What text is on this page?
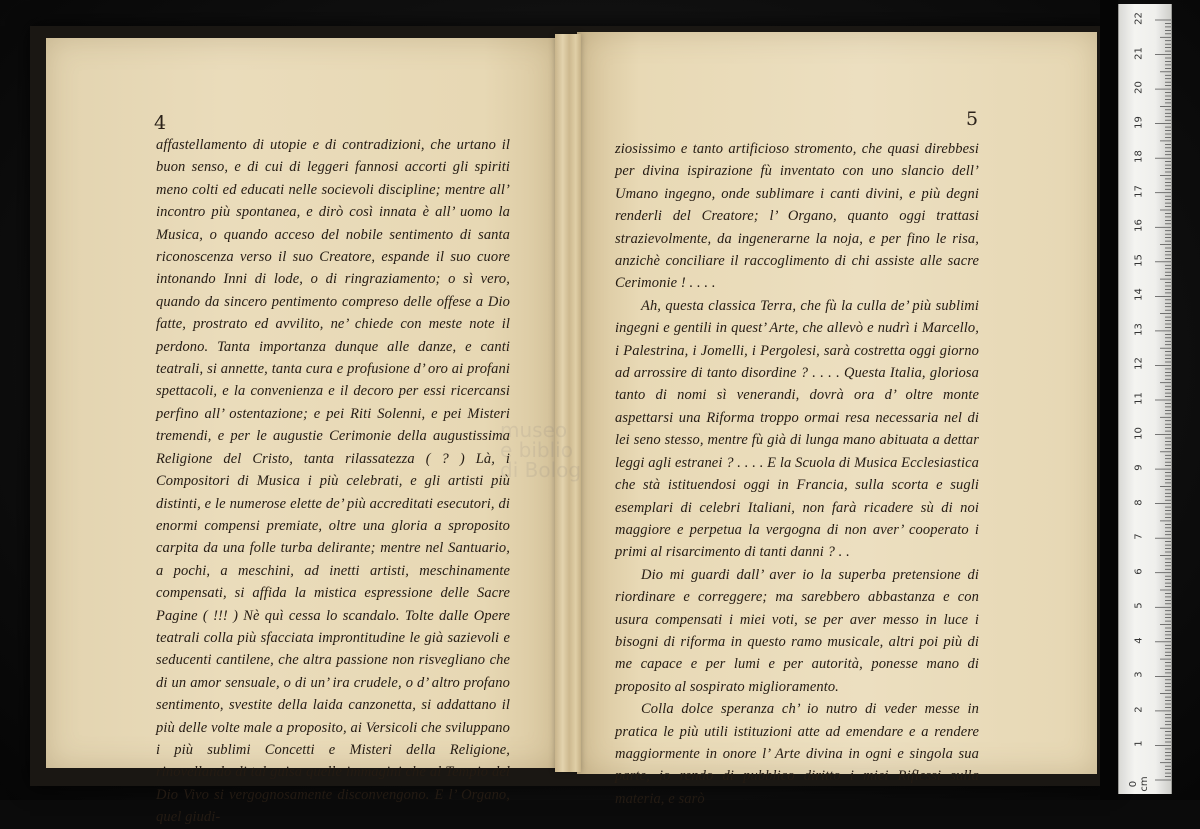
4	5

affastellamento di utopie e di contradizioni, che urtano il buon senso, e di cui di leggeri fannosi accorti gli spiriti meno colti ed educati nelle socievoli discipline; mentre all’ incontro più spontanea, e dirò così innata è all’ uomo la Musica, o quando acceso del nobile sentimento di santa riconoscenza verso il suo Creatore, espande il suo cuore intonando Inni di lode, o di ringraziamento; o sì vero, quando da sincero pentimento compreso delle offese a Dio fatte, prostrato ed avvilito, ne’ chiede con meste note il perdono. Tanta importanza dunque alle danze, e canti teatrali, si annette, tanta cura e profusione d’ oro ai profani spettacoli, e la convenienza e il decoro per essi ricercansi perfino all’ ostentazione; e pei Riti Solenni, e pei Misteri tremendi, e per le augustie Cerimonie della augustissima Religione del Cristo, tanta rilassatezza ( ? ) Là, i Compositori di Musica i più celebrati, e gli artisti più distinti, e le numerose elette de’ più accreditati esecutori, di enormi compensi premiate, oltre una gloria a sproposito carpita da una folle turba delirante; mentre nel Santuario, a pochi, a meschini, ad inetti artisti, meschinamente compensati, si affida la mistica espressione delle Sacre Pagine ( !!! ) Nè quì cessa lo scandalo. Tolte dalle Opere teatrali colla più sfacciata improntitudine le già sazievoli e seducenti cantilene, che altra passione non risvegliano che di un amor sensuale, o di un’ ira crudele, o d’ altro profano sentimento, svestite della laida canzonetta, si addattano il più delle volte male a proposito, ai Versicoli che sviluppano i più sublimi Concetti e Misteri della Religione, rinovellando di tal guisa quelle immagini che al Tempio del Dio Vivo si vergognosamente disconvengono. E l’ Organo, quel giudi-

ziosissimo e tanto artificioso stromento, che quasi direbbesi per divina ispirazione fù inventato con uno slancio dell’ Umano ingegno, onde sublimare i canti divini, e più degni renderli del Creatore; l’ Organo, quanto oggi trattasi strazievolmente, da ingenerarne la noja, e per fino le risa, anzichè conciliare il raccoglimento di chi assiste alle sacre Cerimonie ! . . . .

Ah, questa classica Terra, che fù la culla de’ più sublimi ingegni e gentili in quest’ Arte, che allevò e nudrì i Marcello, i Palestrina, i Jomelli, i Pergolesi, sarà costretta oggi giorno ad arrossire di tanto disordine ? . . . . Questa Italia, gloriosa tanto di nomi sì venerandi, dovrà ora d’ oltre monte aspettarsi una Riforma troppo ormai resa necessaria nel di lei seno stesso, mentre fù già di lunga mano abituata a dettar leggi agli estranei ? . . . . E la Scuola di Musica Ecclesiastica che stà istituendosi oggi in Francia, sulla scorta e sugli esemplari di celebri Italiani, non farà ricadere sù di noi maggiore e perpetua la vergogna di non aver’ cooperato i primi al risarcimento di tanti danni ? . .

Dio mi guardi dall’ aver io la superba pretensione di riordinare e correggere; ma sarebbero abbastanza e con usura compensati i miei voti, se per aver messo in luce i bisogni di riforma in questo ramo musicale, altri poi più di me capace e per lumi e per autorità, ponesse mano di proposito al sospirato miglioramento.

Colla dolce speranza ch’ io nutro di veder messe in pratica le più utili istituzioni atte ad emendare e a rendere maggiormente in onore l’ Arte divina in ogni e singola sua parte, io rendo di pubblico diritto i miei Riflessi sulla materia, e sarò

22
21
20
19
18
17
16
15
14
13
12
11
10
9
8
7
6
5
4
3
2
1
0 cm
